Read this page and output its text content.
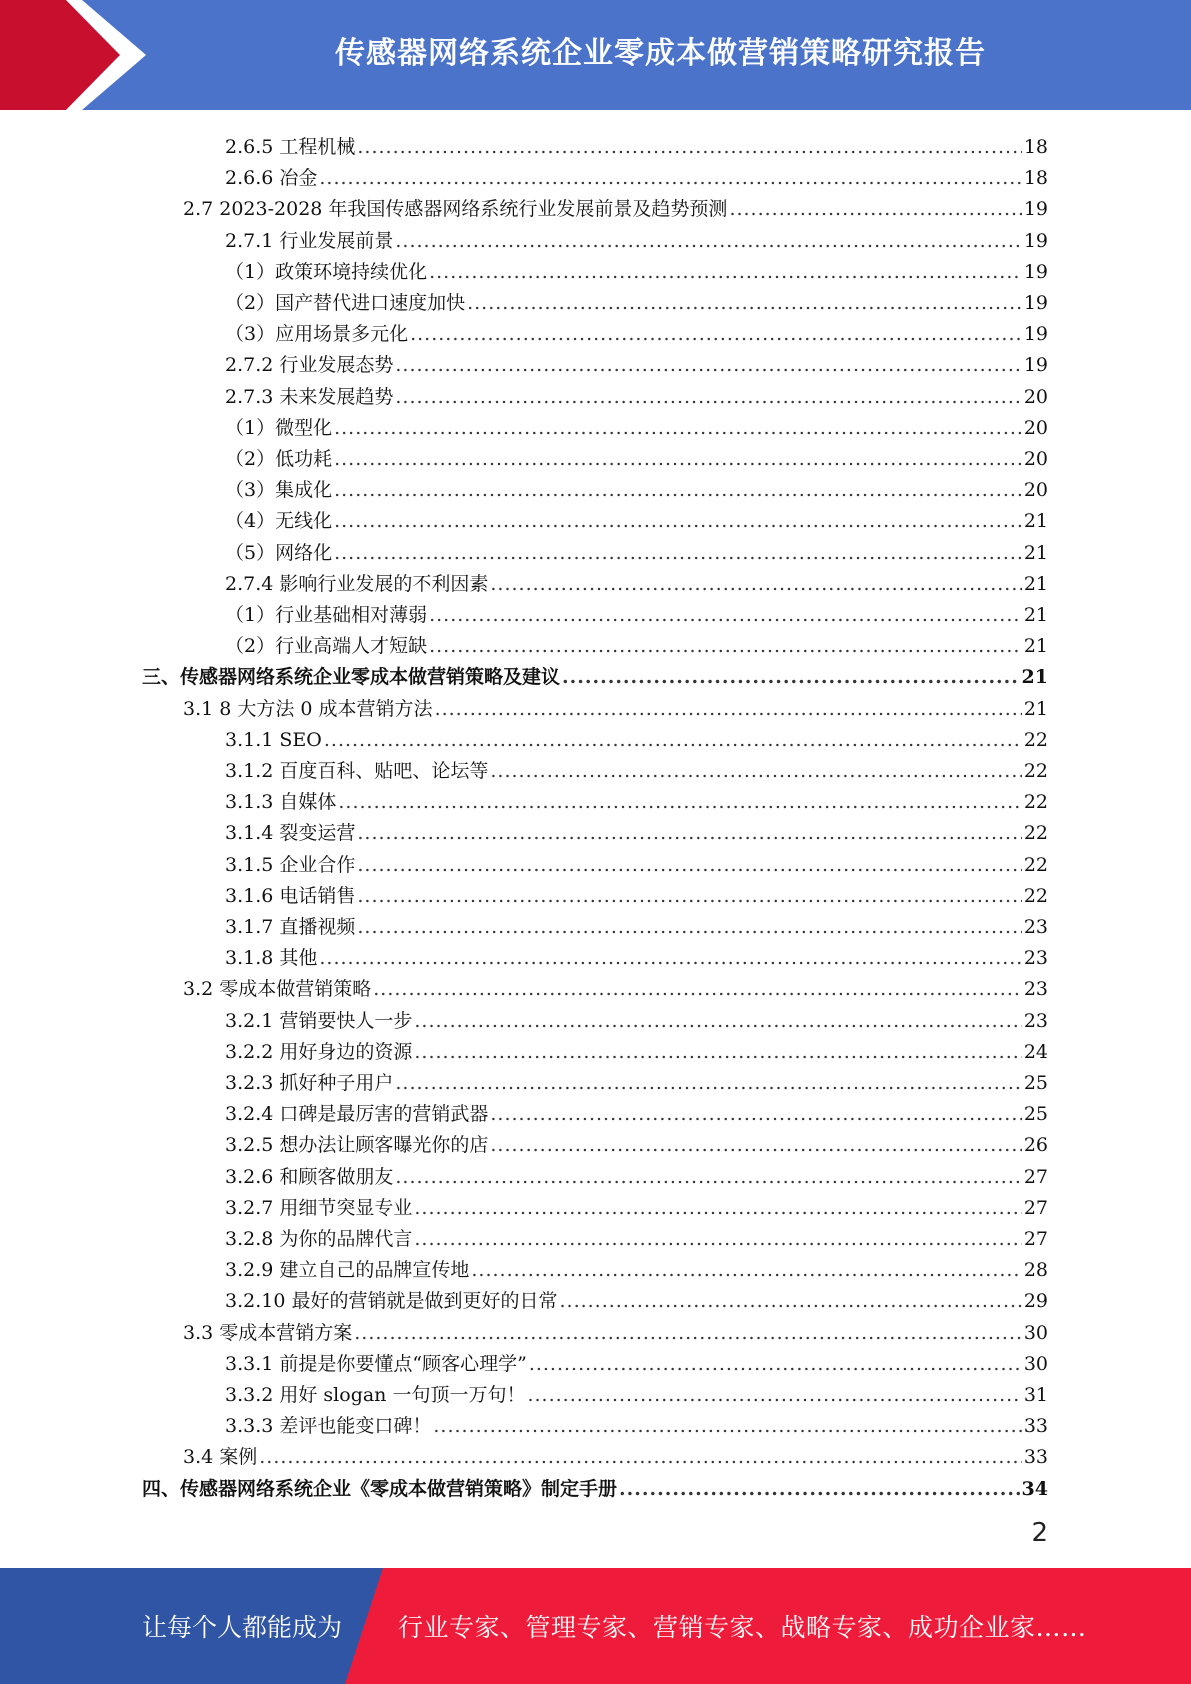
传感器网络系统企业零成本做营销策略研究报告
2.6.5 工程机械 .....	18
2.6.6 冶金 .....	18
2.7 2023-2028 年我国传感器网络系统行业发展前景及趋势预测 .....	19
2.7.1 行业发展前景 .....	19
（1）政策环境持续优化 .....	19
（2）国产替代进口速度加快 .....	19
（3）应用场景多元化 .....	19
2.7.2 行业发展态势 .....	19
2.7.3 未来发展趋势 .....	20
（1）微型化 .....	20
（2）低功耗 .....	20
（3）集成化 .....	20
（4）无线化 .....	21
（5）网络化 .....	21
2.7.4 影响行业发展的不利因素 .....	21
（1）行业基础相对薄弱 .....	21
（2）行业高端人才短缺 .....	21
三、传感器网络系统企业零成本做营销策略及建议 .....	21
3.1 8 大方法 0 成本营销方法 .....	21
3.1.1 SEO .....	22
3.1.2 百度百科、贴吧、论坛等 .....	22
3.1.3 自媒体 .....	22
3.1.4 裂变运营 .....	22
3.1.5 企业合作 .....	22
3.1.6 电话销售 .....	22
3.1.7 直播视频 .....	23
3.1.8 其他 .....	23
3.2 零成本做营销策略 .....	23
3.2.1 营销要快人一步 .....	23
3.2.2 用好身边的资源 .....	24
3.2.3 抓好种子用户 .....	25
3.2.4 口碑是最厉害的营销武器 .....	25
3.2.5 想办法让顾客曝光你的店 .....	26
3.2.6 和顾客做朋友 .....	27
3.2.7 用细节突显专业 .....	27
3.2.8 为你的品牌代言 .....	27
3.2.9 建立自己的品牌宣传地 .....	28
3.2.10 最好的营销就是做到更好的日常 .....	29
3.3 零成本营销方案 .....	30
3.3.1 前提是你要懂点“顾客心理学” .....	30
3.3.2 用好 slogan 一句顶一万句！ .....	31
3.3.3 差评也能变口碑！ .....	33
3.4 案例 .....	33
四、传感器网络系统企业《零成本做营销策略》制定手册 .....	34
2
让每个人都能成为 行业专家、管理专家、营销专家、战略专家、成功企业家……
